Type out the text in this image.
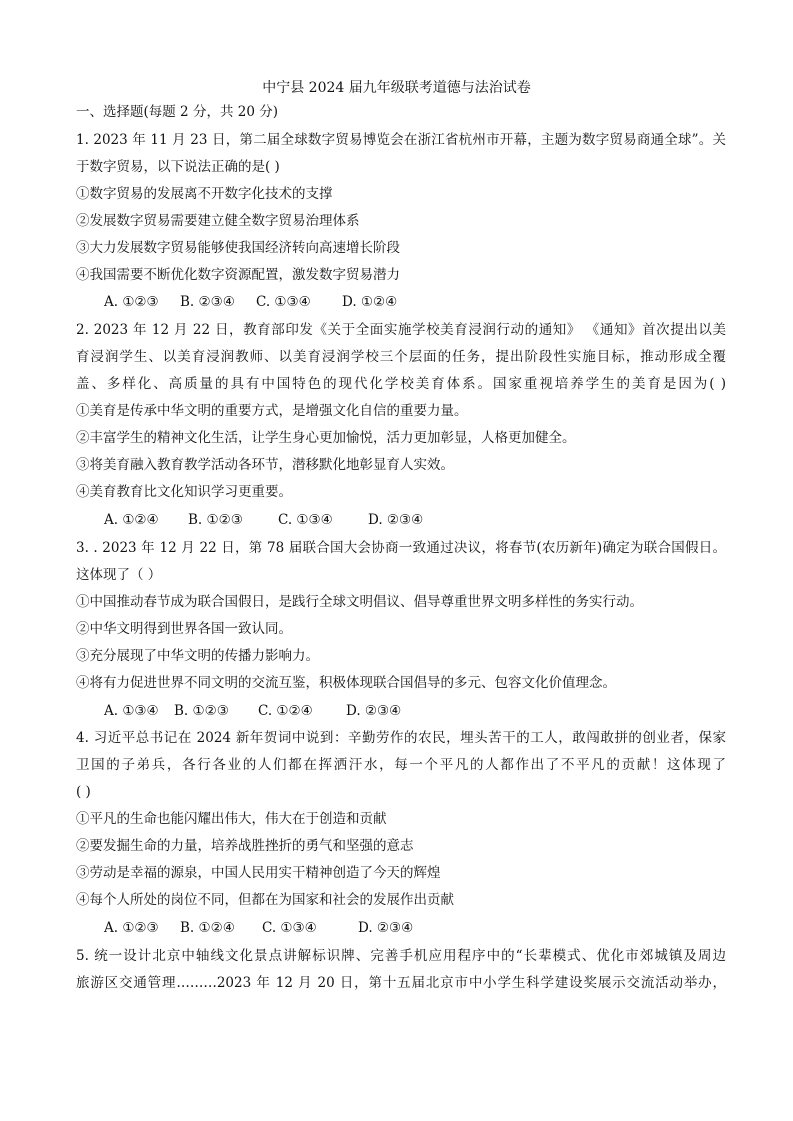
中宁县 2024 届九年级联考道德与法治试卷
一、选择题(每题 2 分，共 20 分)
1. 2023 年 11 月 23 日，第二届全球数字贸易博览会在浙江省杭州市开幕，主题为数字贸易商通全球”。关
于数字贸易，以下说法正确的是( )
①数字贸易的发展离不开数字化技术的支撑
②发展数字贸易需要建立健全数字贸易治理体系
③大力发展数字贸易能够使我国经济转向高速增长阶段
④我国需要不断优化数字资源配置，激发数字贸易潜力
A. ①②③ B. ②③④ C. ①③④ D. ①②④
2. 2023 年 12 月 22 日，教育部印发《关于全面实施学校美育浸润行动的通知》 《通知》首次提出以美
育浸润学生、以美育浸润教师、以美育浸润学校三个层面的任务，提出阶段性实施目标，推动形成全覆
盖、多样化、高质量的具有中国特色的现代化学校美育体系。国家重视培养学生的美育是因为( )
①美育是传承中华文明的重要方式，是增强文化自信的重要力量。
②丰富学生的精神文化生活，让学生身心更加愉悦，活力更加彰显，人格更加健全。
③将美育融入教育教学活动各环节，潜移默化地彰显育人实效。
④美育教育比文化知识学习更重要。
A. ①②④ B. ①②③	C. ①③④	D. ②③④
3. . 2023 年 12 月 22 日，第 78 届联合国大会协商一致通过决议，将春节(农历新年)确定为联合国假日。
这体现了（ ）
①中国推动春节成为联合国假日，是践行全球文明倡议、倡导尊重世界文明多样性的务实行动。
②中华文明得到世界各国一致认同。
③充分展现了中华文明的传播力影响力。
④将有力促进世界不同文明的交流互鉴，积极体现联合国倡导的多元、包容文化价值理念。
A. ①③④ B. ①②③ C. ①②④ D. ②③④
4. 习近平总书记在 2024 新年贺词中说到：辛勤劳作的农民，埋头苦干的工人，敢闯敢拼的创业者，保家
卫国的子弟兵，各行各业的人们都在挥洒汗水，每一个平凡的人都作出了不平凡的贡献！这体现了
( )
①平凡的生命也能闪耀出伟大，伟大在于创造和贡献
②要发掘生命的力量，培养战胜挫折的勇气和坚强的意志
③劳动是幸福的源泉，中国人民用实干精神创造了今天的辉煌
④每个人所处的岗位不同，但都在为国家和社会的发展作出贡献
A. ①②③ B. ①②④ C. ①③④	D. ②③④
5. 统一设计北京中轴线文化景点讲解标识牌、完善手机应用程序中的“长辈模式、优化市郊城镇及周边
旅游区交通管理………2023 年 12 月 20 日，第十五届北京市中小学生科学建设奖展示交流活动举办，
